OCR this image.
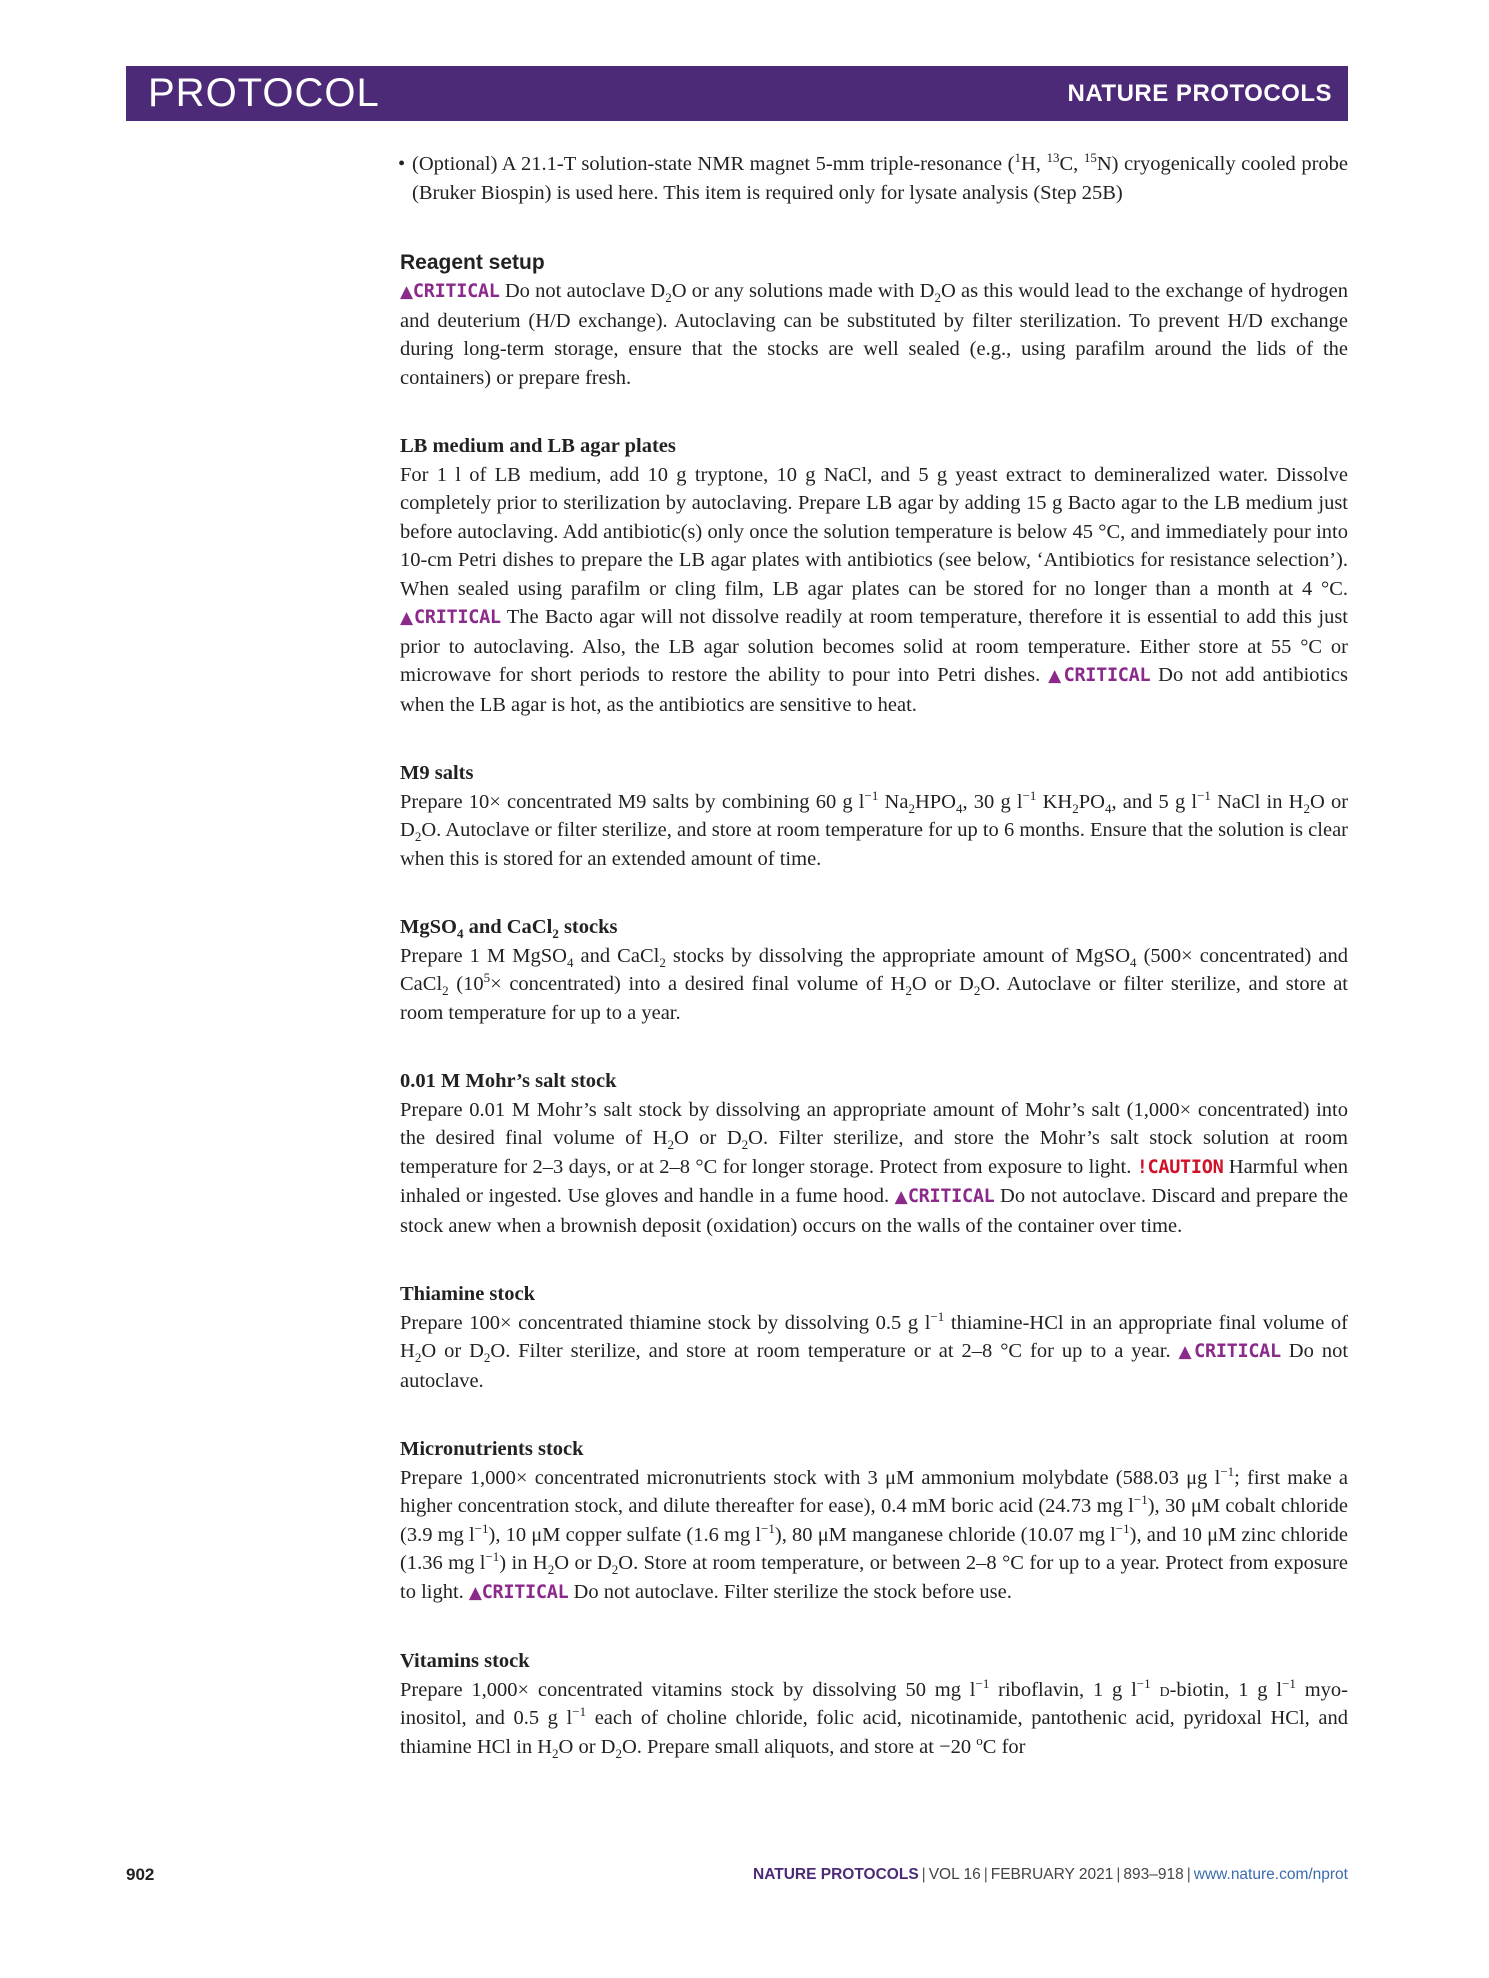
PROTOCOL	NATURE PROTOCOLS
• (Optional) A 21.1-T solution-state NMR magnet 5-mm triple-resonance ($^1$H, $^{13}$C, $^{15}$N) cryogenically cooled probe (Bruker Biospin) is used here. This item is required only for lysate analysis (Step 25B)
Reagent setup
▲CRITICAL Do not autoclave $D_2O$ or any solutions made with $D_2O$ as this would lead to the exchange of hydrogen and deuterium (H/D exchange). Autoclaving can be substituted by filter sterilization. To prevent H/D exchange during long-term storage, ensure that the stocks are well sealed (e.g., using parafilm around the lids of the containers) or prepare fresh.
LB medium and LB agar plates
For 1 l of LB medium, add 10 g tryptone, 10 g NaCl, and 5 g yeast extract to demineralized water. Dissolve completely prior to sterilization by autoclaving. Prepare LB agar by adding 15 g Bacto agar to the LB medium just before autoclaving. Add antibiotic(s) only once the solution temperature is below 45 °C, and immediately pour into 10-cm Petri dishes to prepare the LB agar plates with antibiotics (see below, ‘Antibiotics for resistance selection’). When sealed using parafilm or cling film, LB agar plates can be stored for no longer than a month at 4 °C. ▲CRITICAL The Bacto agar will not dissolve readily at room temperature, therefore it is essential to add this just prior to autoclaving. Also, the LB agar solution becomes solid at room temperature. Either store at 55 °C or microwave for short periods to restore the ability to pour into Petri dishes. ▲CRITICAL Do not add antibiotics when the LB agar is hot, as the antibiotics are sensitive to heat.
M9 salts
Prepare 10× concentrated M9 salts by combining 60 g $l^{-1}$ $Na_2HPO_4$, 30 g $l^{-1}$ $KH_2PO_4$, and 5 g $l^{-1}$ NaCl in $H_2O$ or $D_2O$. Autoclave or filter sterilize, and store at room temperature for up to 6 months. Ensure that the solution is clear when this is stored for an extended amount of time.
MgSO$_4$ and CaCl$_2$ stocks
Prepare 1 M MgSO$_4$ and CaCl$_2$ stocks by dissolving the appropriate amount of MgSO$_4$ (500× concentrated) and CaCl$_2$ ($10^5\times$ concentrated) into a desired final volume of $H_2O$ or $D_2O$. Autoclave or filter sterilize, and store at room temperature for up to a year.
0.01 M Mohr’s salt stock
Prepare 0.01 M Mohr’s salt stock by dissolving an appropriate amount of Mohr’s salt (1,000× concentrated) into the desired final volume of $H_2O$ or $D_2O$. Filter sterilize, and store the Mohr’s salt stock solution at room temperature for 2–3 days, or at 2–8 °C for longer storage. Protect from exposure to light. !CAUTION Harmful when inhaled or ingested. Use gloves and handle in a fume hood. ▲CRITICAL Do not autoclave. Discard and prepare the stock anew when a brownish deposit (oxidation) occurs on the walls of the container over time.
Thiamine stock
Prepare 100× concentrated thiamine stock by dissolving 0.5 g $l^{-1}$ thiamine-HCl in an appropriate final volume of $H_2O$ or $D_2O$. Filter sterilize, and store at room temperature or at 2–8 °C for up to a year. ▲CRITICAL Do not autoclave.
Micronutrients stock
Prepare 1,000× concentrated micronutrients stock with 3 μM ammonium molybdate (588.03 μg $l^{-1}$; first make a higher concentration stock, and dilute thereafter for ease), 0.4 mM boric acid (24.73 mg $l^{-1}$), 30 μM cobalt chloride (3.9 mg $l^{-1}$), 10 μM copper sulfate (1.6 mg $l^{-1}$), 80 μM manganese chloride (10.07 mg $l^{-1}$), and 10 μM zinc chloride (1.36 mg $l^{-1}$) in $H_2O$ or $D_2O$. Store at room temperature, or between 2–8 °C for up to a year. Protect from exposure to light. ▲CRITICAL Do not autoclave. Filter sterilize the stock before use.
Vitamins stock
Prepare 1,000× concentrated vitamins stock by dissolving 50 mg $l^{-1}$ riboflavin, 1 g $l^{-1}$ d-biotin, 1 g $l^{-1}$ myo-inositol, and 0.5 g $l^{-1}$ each of choline chloride, folic acid, nicotinamide, pantothenic acid, pyridoxal HCl, and thiamine HCl in $H_2O$ or $D_2O$. Prepare small aliquots, and store at −20 $^o$C for
902	NATURE PROTOCOLS | VOL 16 | FEBRUARY 2021 | 893–918 | www.nature.com/nprot
